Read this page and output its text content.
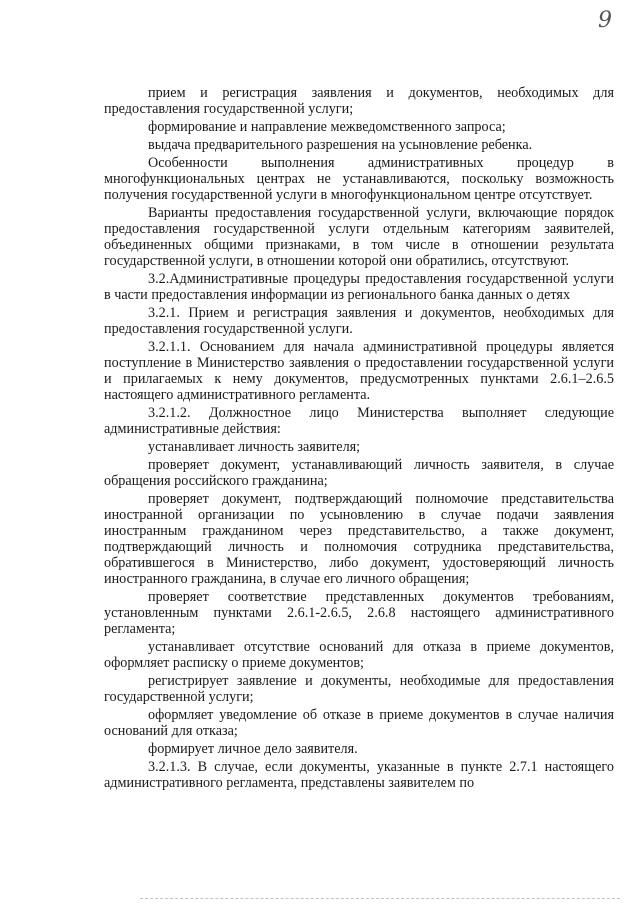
9

прием и регистрация заявления и документов, необходимых для предоставления государственной услуги;

формирование и направление межведомственного запроса;

выдача предварительного разрешения на усыновление ребенка.

Особенности выполнения административных процедур в многофункциональных центрах не устанавливаются, поскольку возможность получения государственной услуги в многофункциональном центре отсутствует.

Варианты предоставления государственной услуги, включающие порядок предоставления государственной услуги отдельным категориям заявителей, объединенных общими признаками, в том числе в отношении результата государственной услуги, в отношении которой они обратились, отсутствуют.

3.2.Административные процедуры предоставления государственной услуги в части предоставления информации из регионального банка данных о детях

3.2.1. Прием и регистрация заявления и документов, необходимых для предоставления государственной услуги.

3.2.1.1. Основанием для начала административной процедуры является поступление в Министерство заявления о предоставлении государственной услуги и прилагаемых к нему документов, предусмотренных пунктами 2.6.1–2.6.5 настоящего административного регламента.

3.2.1.2. Должностное лицо Министерства выполняет следующие административные действия:

устанавливает личность заявителя;

проверяет документ, устанавливающий личность заявителя, в случае обращения российского гражданина;

проверяет документ, подтверждающий полномочие представительства иностранной организации по усыновлению в случае подачи заявления иностранным гражданином через представительство, а также документ, подтверждающий личность и полномочия сотрудника представительства, обратившегося в Министерство, либо документ, удостоверяющий личность иностранного гражданина, в случае его личного обращения;

проверяет соответствие представленных документов требованиям, установленным пунктами 2.6.1-2.6.5, 2.6.8 настоящего административного регламента;

устанавливает отсутствие оснований для отказа в приеме документов, оформляет расписку о приеме документов;

регистрирует заявление и документы, необходимые для предоставления государственной услуги;

оформляет уведомление об отказе в приеме документов в случае наличия оснований для отказа;

формирует личное дело заявителя.

3.2.1.3. В случае, если документы, указанные в пункте 2.7.1 настоящего административного регламента, представлены заявителем по
